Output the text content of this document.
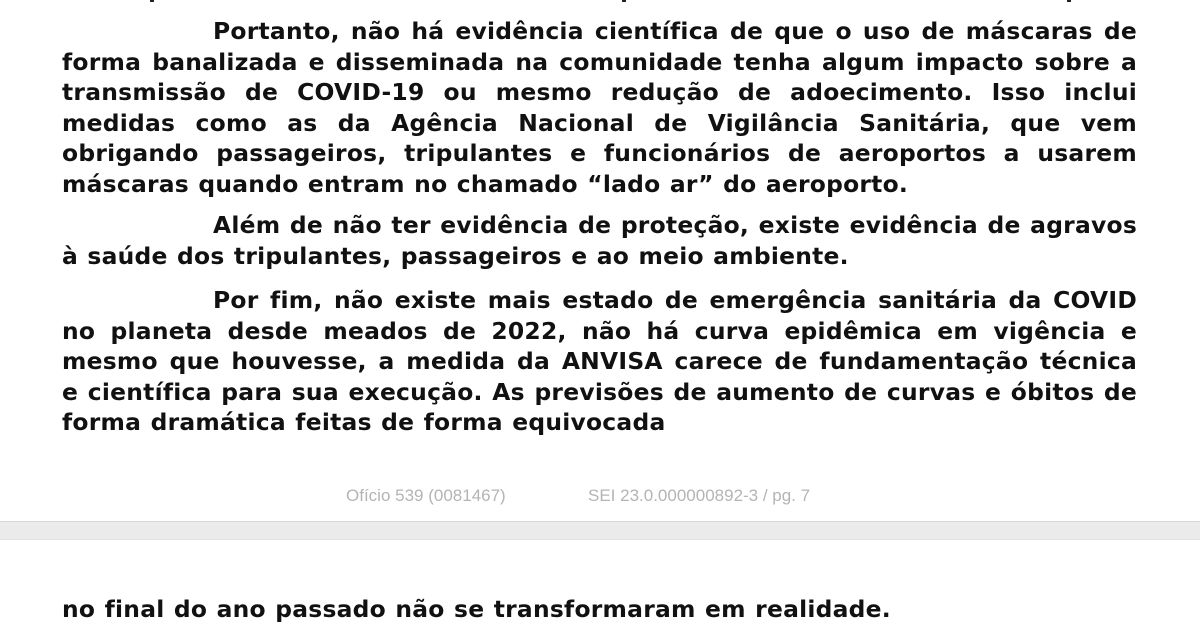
Portanto, não há evidência científica de que o uso de máscaras de forma banalizada e disseminada na comunidade tenha algum impacto sobre a transmissão de COVID-19 ou mesmo redução de adoecimento. Isso inclui medidas como as da Agência Nacional de Vigilância Sanitária, que vem obrigando passageiros, tripulantes e funcionários de aeroportos a usarem máscaras quando entram no chamado “lado ar” do aeroporto.

Além de não ter evidência de proteção, existe evidência de agravos à saúde dos tripulantes, passageiros e ao meio ambiente.

Por fim, não existe mais estado de emergência sanitária da COVID no planeta desde meados de 2022, não há curva epidêmica em vigência e mesmo que houvesse, a medida da ANVISA carece de fundamentação técnica e científica para sua execução. As previsões de aumento de curvas e óbitos de forma dramática feitas de forma equivocada

Ofício 539 (0081467)	SEI 23.0.000000892-3 / pg. 7

no final do ano passado não se transformaram em realidade.
